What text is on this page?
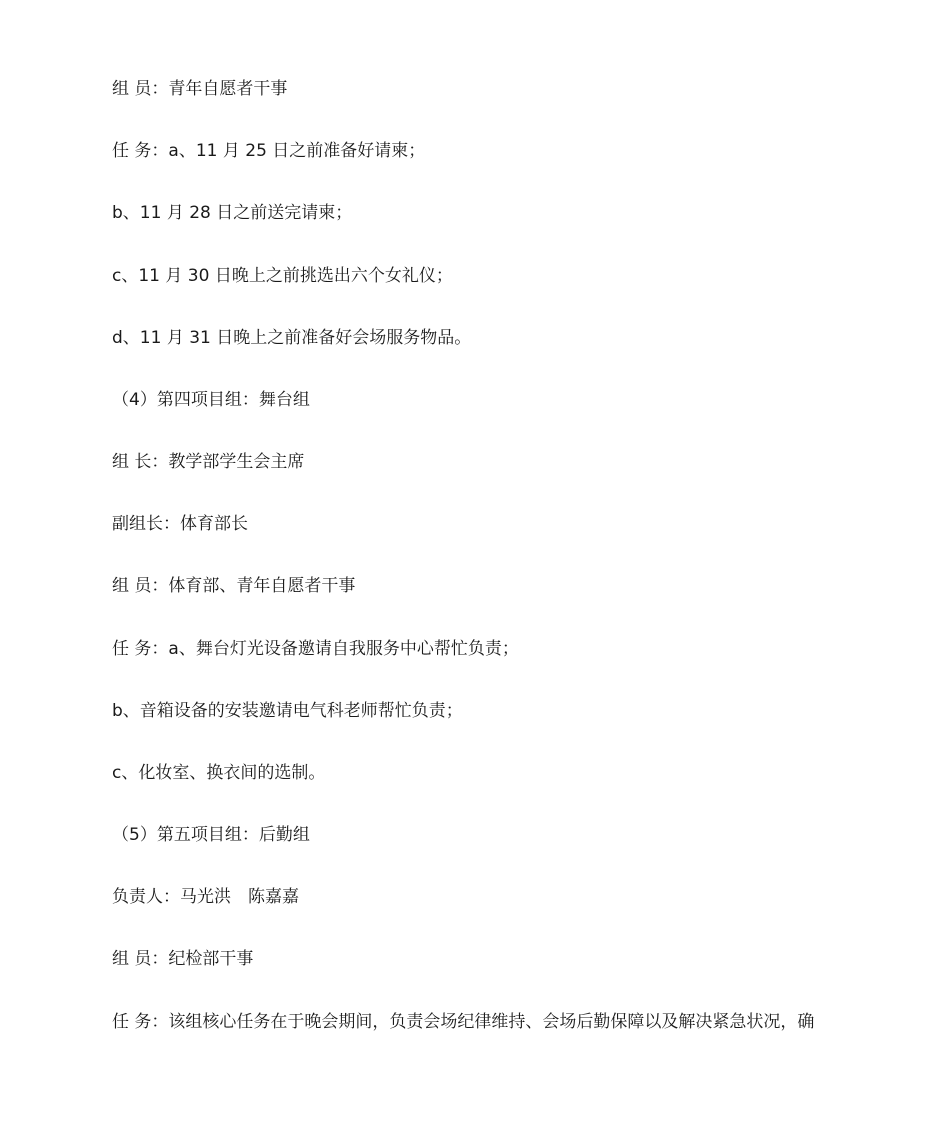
组 员：青年自愿者干事
任 务：a、11 月 25 日之前准备好请柬；
b、11 月 28 日之前送完请柬；
c、11 月 30 日晚上之前挑选出六个女礼仪；
d、11 月 31 日晚上之前准备好会场服务物品。
（4）第四项目组：舞台组
组 长：教学部学生会主席
副组长：体育部长
组 员：体育部、青年自愿者干事
任 务：a、舞台灯光设备邀请自我服务中心帮忙负责；
b、音箱设备的安装邀请电气科老师帮忙负责；
c、化妆室、换衣间的选制。
（5）第五项目组：后勤组
负责人：马光洪　陈嘉嘉
组 员：纪检部干事
任 务：该组核心任务在于晚会期间，负责会场纪律维持、会场后勤保障以及解决紧急状况，确
